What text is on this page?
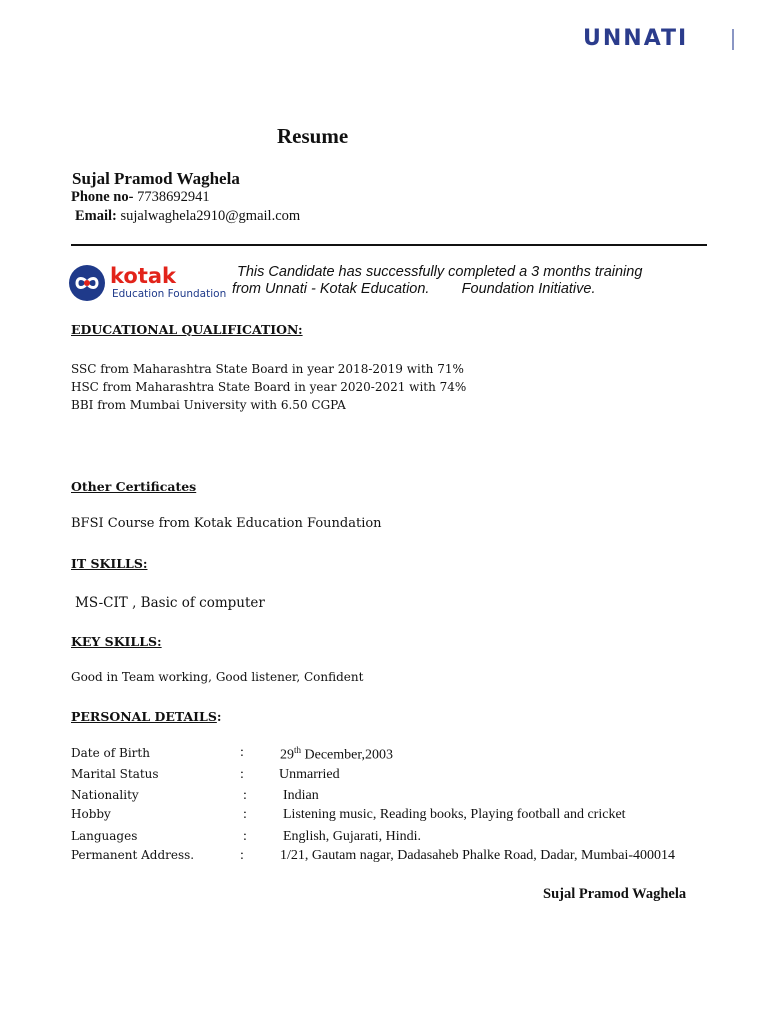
UNNATI
Resume
Sujal Pramod Waghela
Phone no- 7738692941
Email: sujalwaghela2910@gmail.com
kotak
Education Foundation
This Candidate has successfully completed a 3 months training
from Unnati - Kotak Education.        Foundation Initiative.
EDUCATIONAL QUALIFICATION:
SSC from Maharashtra State Board in year 2018-2019 with 71%
HSC from Maharashtra State Board in year 2020-2021 with 74%
BBI from Mumbai University with 6.50 CGPA
Other Certificates
BFSI Course from Kotak Education Foundation
IT SKILLS:
MS-CIT , Basic of computer
KEY SKILLS:
Good in Team working, Good listener, Confident
PERSONAL DETAILS:
Date of Birth	:	29th December,2003
Marital Status	:	Unmarried
Nationality	:	Indian
Hobby	:	Listening music, Reading books, Playing football and cricket
Languages	:	English, Gujarati, Hindi.
Permanent Address.	:	1/21, Gautam nagar, Dadasaheb Phalke Road, Dadar, Mumbai-400014
Sujal Pramod Waghela
